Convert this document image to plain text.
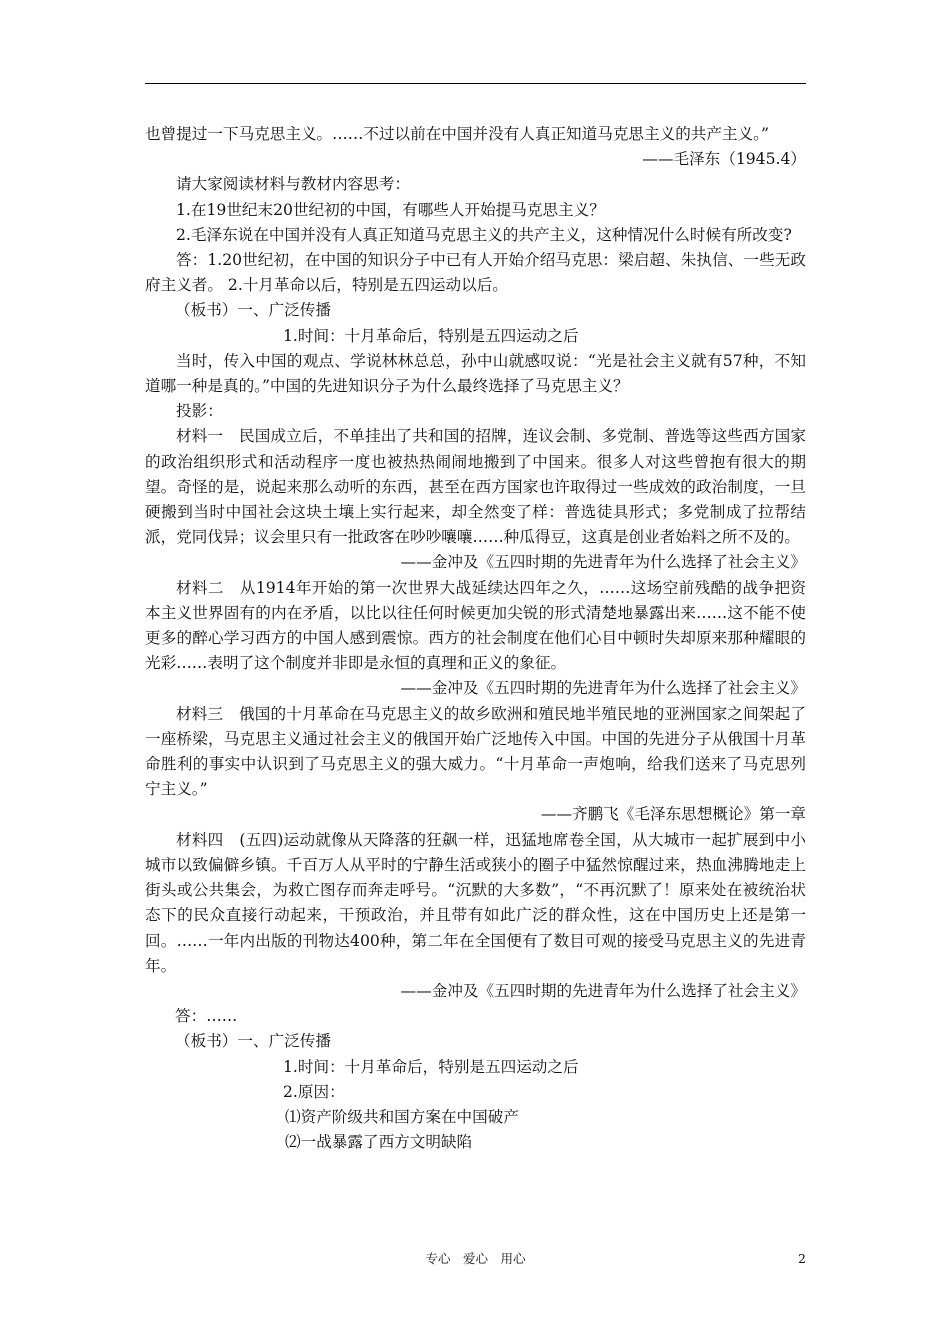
也曾提过一下马克思主义。……不过以前在中国并没有人真正知道马克思主义的共产主义。”

——毛泽东（1945.4）

请大家阅读材料与教材内容思考：

1.在19世纪末20世纪初的中国，有哪些人开始提马克思主义？

2.毛泽东说在中国并没有人真正知道马克思主义的共产主义，这种情况什么时候有所改变?

答：1.20世纪初，在中国的知识分子中已有人开始介绍马克思：梁启超、朱执信、一些无政府主义者。 2.十月革命以后，特别是五四运动以后。

（板书）一、广泛传播

1.时间：十月革命后，特别是五四运动之后

当时，传入中国的观点、学说林林总总，孙中山就感叹说：“光是社会主义就有57种，不知道哪一种是真的。”中国的先进知识分子为什么最终选择了马克思主义？

投影：

材料一　民国成立后，不单挂出了共和国的招牌，连议会制、多党制、普选等这些西方国家的政治组织形式和活动程序一度也被热热闹闹地搬到了中国来。很多人对这些曾抱有很大的期望。奇怪的是，说起来那么动听的东西，甚至在西方国家也许取得过一些成效的政治制度，一旦硬搬到当时中国社会这块土壤上实行起来，却全然变了样：普选徒具形式；多党制成了拉帮结派，党同伐异；议会里只有一批政客在吵吵嚷嚷……种瓜得豆，这真是创业者始料之所不及的。

——金冲及《五四时期的先进青年为什么选择了社会主义》

材料二　从1914年开始的第一次世界大战延续达四年之久，……这场空前残酷的战争把资本主义世界固有的内在矛盾，以比以往任何时候更加尖锐的形式清楚地暴露出来……这不能不使更多的醉心学习西方的中国人感到震惊。西方的社会制度在他们心目中顿时失却原来那种耀眼的光彩……表明了这个制度并非即是永恒的真理和正义的象征。

——金冲及《五四时期的先进青年为什么选择了社会主义》

材料三　俄国的十月革命在马克思主义的故乡欧洲和殖民地半殖民地的亚洲国家之间架起了一座桥梁，马克思主义通过社会主义的俄国开始广泛地传入中国。中国的先进分子从俄国十月革命胜利的事实中认识到了马克思主义的强大威力。“十月革命一声炮响，给我们送来了马克思列宁主义。”

——齐鹏飞《毛泽东思想概论》第一章

材料四　(五四)运动就像从天降落的狂飙一样，迅猛地席卷全国，从大城市一起扩展到中小城市以致偏僻乡镇。千百万人从平时的宁静生活或狭小的圈子中猛然惊醒过来，热血沸腾地走上街头或公共集会，为救亡图存而奔走呼号。“沉默的大多数”，“不再沉默了！原来处在被统治状态下的民众直接行动起来，干预政治，并且带有如此广泛的群众性，这在中国历史上还是第一回。……一年内出版的刊物达400种，第二年在全国便有了数目可观的接受马克思主义的先进青年。

——金冲及《五四时期的先进青年为什么选择了社会主义》

答：……

（板书）一、广泛传播

1.时间：十月革命后，特别是五四运动之后

2.原因：

⑴资产阶级共和国方案在中国破产

⑵一战暴露了西方文明缺陷

专心　爱心　用心	2
